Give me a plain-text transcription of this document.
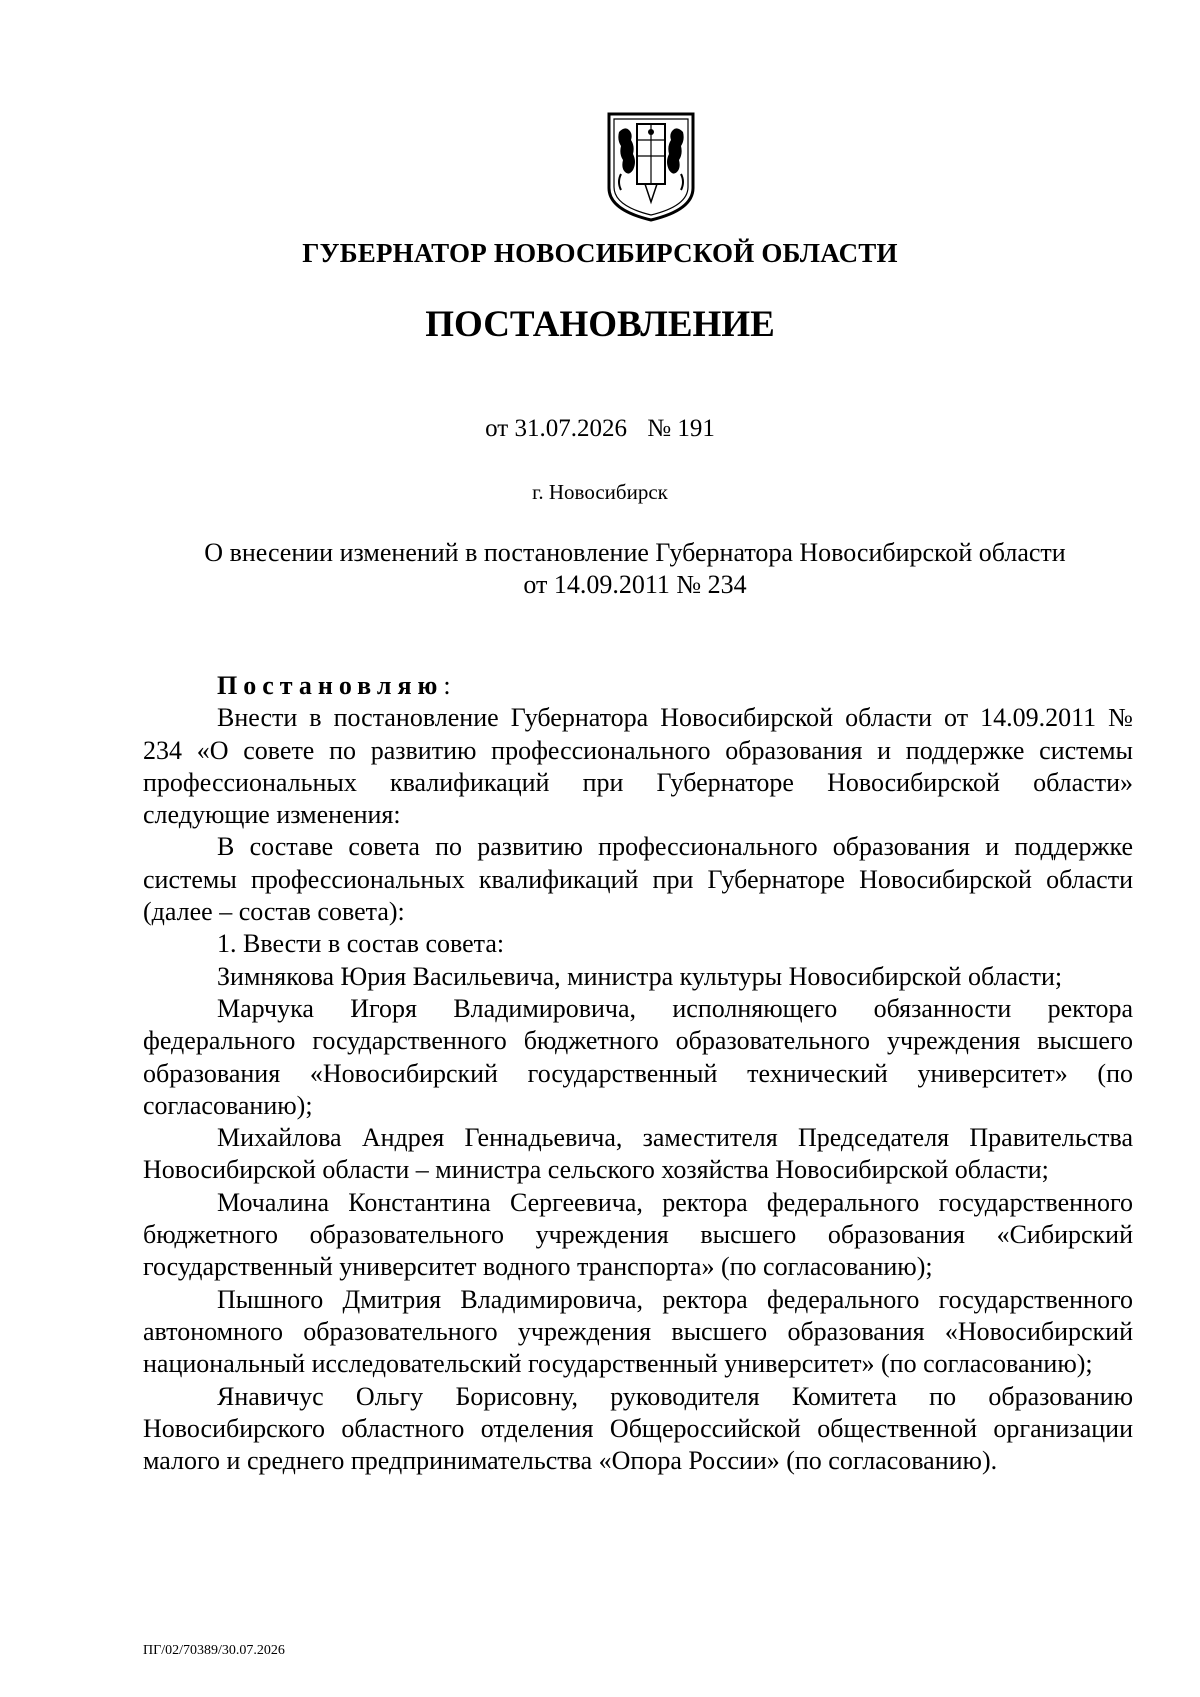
ГУБЕРНАТОР НОВОСИБИРСКОЙ ОБЛАСТИ
ПОСТАНОВЛЕНИЕ
от 31.07.2026 № 191
г. Новосибирск
О внесении изменений в постановление Губернатора Новосибирской области
от 14.09.2011 № 234

Постановляю:

Внести в постановление Губернатора Новосибирской области от 14.09.2011 № 234 «О совете по развитию профессионального образования и поддержке системы профессиональных квалификаций при Губернаторе Новосибирской области» следующие изменения:

В составе совета по развитию профессионального образования и поддержке системы профессиональных квалификаций при Губернаторе Новосибирской области (далее – состав совета):

1. Ввести в состав совета:

Зимнякова Юрия Васильевича, министра культуры Новосибирской области;

Марчука Игоря Владимировича, исполняющего обязанности ректора федерального государственного бюджетного образовательного учреждения высшего образования «Новосибирский государственный технический университет» (по согласованию);

Михайлова Андрея Геннадьевича, заместителя Председателя Правительства Новосибирской области – министра сельского хозяйства Новосибирской области;

Мочалина Константина Сергеевича, ректора федерального государственного бюджетного образовательного учреждения высшего образования «Сибирский государственный университет водного транспорта» (по согласованию);

Пышного Дмитрия Владимировича, ректора федерального государственного автономного образовательного учреждения высшего образования «Новосибирский национальный исследовательский государственный университет» (по согласованию);

Янавичус Ольгу Борисовну, руководителя Комитета по образованию Новосибирского областного отделения Общероссийской общественной организации малого и среднего предпринимательства «Опора России» (по согласованию).

ПГ/02/70389/30.07.2026
